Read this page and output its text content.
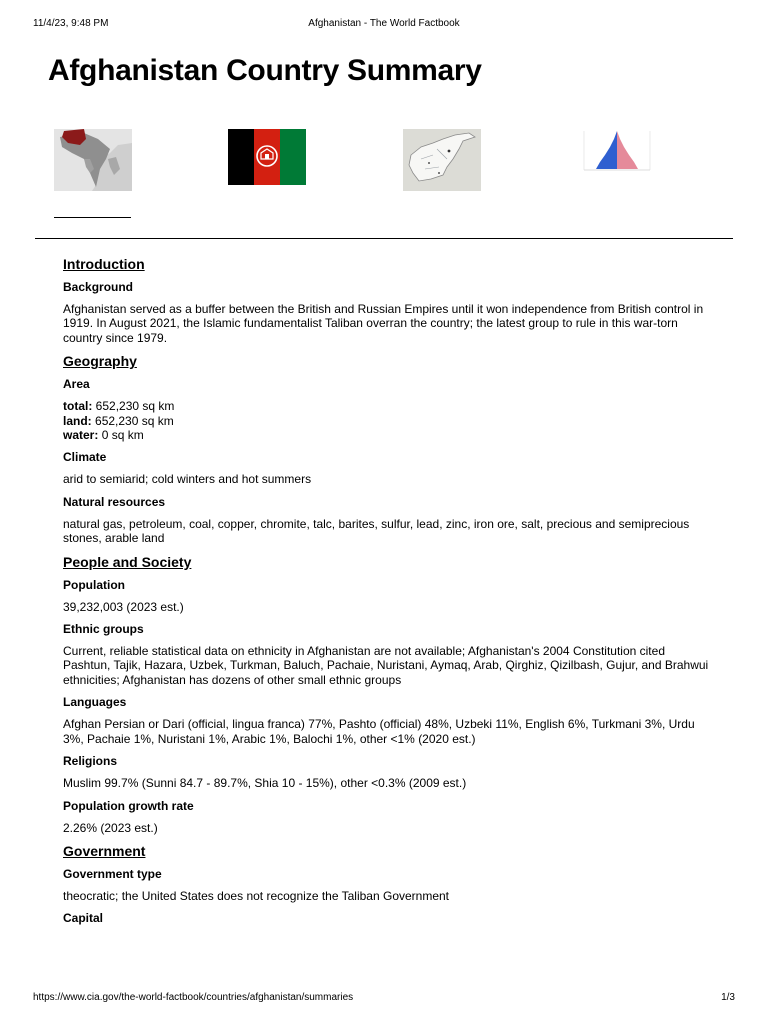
11/4/23, 9:48 PM	Afghanistan - The World Factbook
Afghanistan Country Summary
Introduction
Background

Afghanistan served as a buffer between the British and Russian Empires until it won independence from British control in 1919. In August 2021, the Islamic fundamentalist Taliban overran the country; the latest group to rule in this war-torn country since 1979.

Geography
Area

total: 652,230 sq km
land: 652,230 sq km
water: 0 sq km

Climate

arid to semiarid; cold winters and hot summers

Natural resources

natural gas, petroleum, coal, copper, chromite, talc, barites, sulfur, lead, zinc, iron ore, salt, precious and semiprecious stones, arable land

People and Society
Population

39,232,003 (2023 est.)

Ethnic groups

Current, reliable statistical data on ethnicity in Afghanistan are not available; Afghanistan's 2004 Constitution cited Pashtun, Tajik, Hazara, Uzbek, Turkman, Baluch, Pachaie, Nuristani, Aymaq, Arab, Qirghiz, Qizilbash, Gujur, and Brahwui ethnicities; Afghanistan has dozens of other small ethnic groups

Languages

Afghan Persian or Dari (official, lingua franca) 77%, Pashto (official) 48%, Uzbeki 11%, English 6%, Turkmani 3%, Urdu 3%, Pachaie 1%, Nuristani 1%, Arabic 1%, Balochi 1%, other <1% (2020 est.)

Religions

Muslim 99.7% (Sunni 84.7 - 89.7%, Shia 10 - 15%), other <0.3% (2009 est.)

Population growth rate

2.26% (2023 est.)

Government
Government type

theocratic; the United States does not recognize the Taliban Government

Capital
https://www.cia.gov/the-world-factbook/countries/afghanistan/summaries	1/3
